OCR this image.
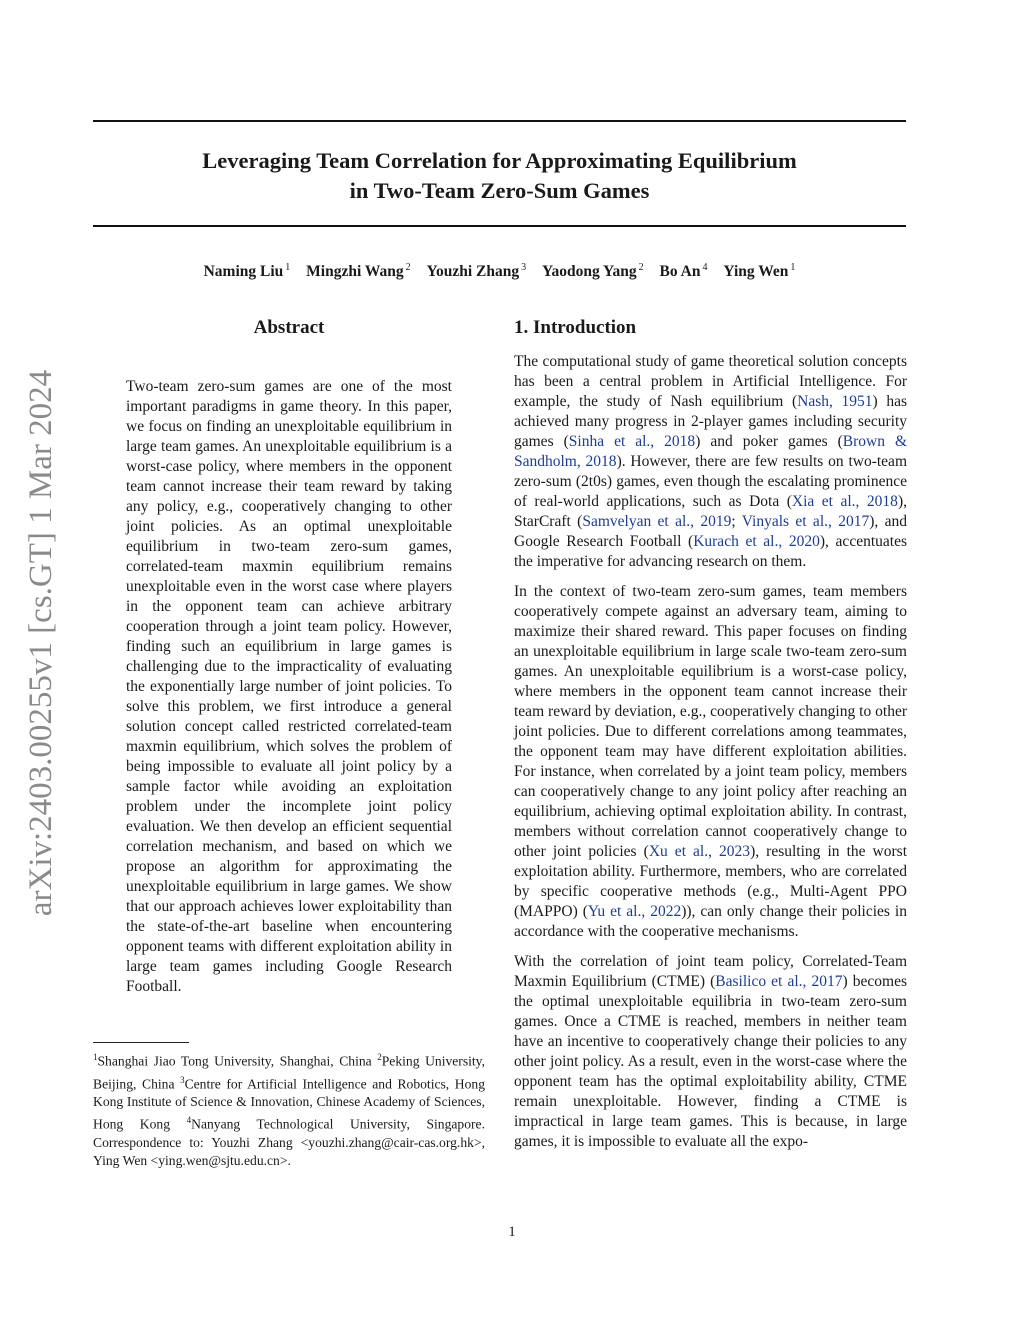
arXiv:2403.00255v1 [cs.GT] 1 Mar 2024
Leveraging Team Correlation for Approximating Equilibrium
in Two-Team Zero-Sum Games
Naming Liu $^1$ Mingzhi Wang $^2$ Youzhi Zhang $^3$ Yaodong Yang $^2$ Bo An $^4$ Ying Wen $^1$
Abstract
Two-team zero-sum games are one of the most important paradigms in game theory. In this paper, we focus on finding an unexploitable equilibrium in large team games. An unexploitable equilibrium is a worst-case policy, where members in the opponent team cannot increase their team reward by taking any policy, e.g., cooperatively changing to other joint policies. As an optimal unexploitable equilibrium in two-team zero-sum games, correlated-team maxmin equilibrium remains unexploitable even in the worst case where players in the opponent team can achieve arbitrary cooperation through a joint team policy. However, finding such an equilibrium in large games is challenging due to the impracticality of evaluating the exponentially large number of joint policies. To solve this problem, we first introduce a general solution concept called restricted correlated-team maxmin equilibrium, which solves the problem of being impossible to evaluate all joint policy by a sample factor while avoiding an exploitation problem under the incomplete joint policy evaluation. We then develop an efficient sequential correlation mechanism, and based on which we propose an algorithm for approximating the unexploitable equilibrium in large games. We show that our approach achieves lower exploitability than the state-of-the-art baseline when encountering opponent teams with different exploitation ability in large team games including Google Research Football.
1. Introduction

The computational study of game theoretical solution concepts has been a central problem in Artificial Intelligence. For example, the study of Nash equilibrium (Nash, 1951) has achieved many progress in 2-player games including security games (Sinha et al., 2018) and poker games (Brown & Sandholm, 2018). However, there are few results on two-team zero-sum (2t0s) games, even though the escalating prominence of real-world applications, such as Dota (Xia et al., 2018), StarCraft (Samvelyan et al., 2019; Vinyals et al., 2017), and Google Research Football (Kurach et al., 2020), accentuates the imperative for advancing research on them.

In the context of two-team zero-sum games, team members cooperatively compete against an adversary team, aiming to maximize their shared reward. This paper focuses on finding an unexploitable equilibrium in large scale two-team zero-sum games. An unexploitable equilibrium is a worst-case policy, where members in the opponent team cannot increase their team reward by deviation, e.g., cooperatively changing to other joint policies. Due to different correlations among teammates, the opponent team may have different exploitation abilities. For instance, when correlated by a joint team policy, members can cooperatively change to any joint policy after reaching an equilibrium, achieving optimal exploitation ability. In contrast, members without correlation cannot cooperatively change to other joint policies (Xu et al., 2023), resulting in the worst exploitation ability. Furthermore, members, who are correlated by specific cooperative methods (e.g., Multi-Agent PPO (MAPPO) (Yu et al., 2022)), can only change their policies in accordance with the cooperative mechanisms.

With the correlation of joint team policy, Correlated-Team Maxmin Equilibrium (CTME) (Basilico et al., 2017) becomes the optimal unexploitable equilibria in two-team zero-sum games. Once a CTME is reached, members in neither team have an incentive to cooperatively change their policies to any other joint policy. As a result, even in the worst-case where the opponent team has the optimal exploitability ability, CTME remain unexploitable. However, finding a CTME is impractical in large team games. This is because, in large games, it is impossible to evaluate all the expo-

$^1$Shanghai Jiao Tong University, Shanghai, China $^2$Peking University, Beijing, China $^3$Centre for Artificial Intelligence and Robotics, Hong Kong Institute of Science & Innovation, Chinese Academy of Sciences, Hong Kong $^4$Nanyang Technological University, Singapore. Correspondence to: Youzhi Zhang <youzhi.zhang@cair-cas.org.hk>, Ying Wen <ying.wen@sjtu.edu.cn>.
1
